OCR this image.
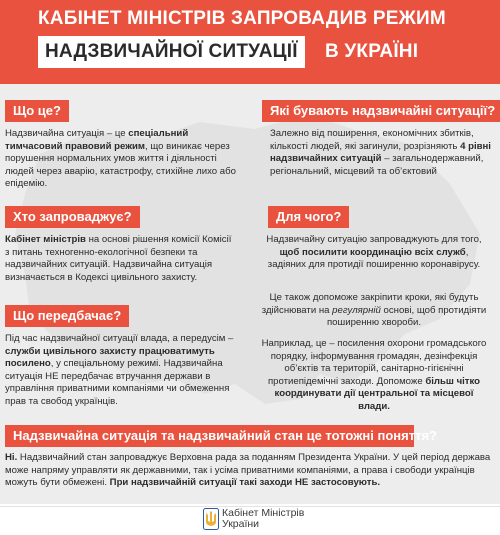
КАБІНЕТ МІНІСТРІВ ЗАПРОВАДИВ РЕЖИМ
НАДЗВИЧАЙНОЇ СИТУАЦІЇ	В УКРАЇНІ
Що це?
Надзвичайна ситуація – це спеціальний тимчасовий правовий режим, що виникає через порушення нормальних умов життя і діяльності людей через аварію, катастрофу, стихійне лихо або епідемію.
Які бувають надзвичайні ситуації?
Залежно від поширення, економічних збитків, кількості людей, які загинули, розрізняють 4 рівні надзвичайних ситуацій – загальнодержавний, регіональний, місцевий та об’єктовий
Хто запроваджує?
Кабінет міністрів на основі рішення комісії Комісії з питань техногенно-екологічної безпеки та надзвичайних ситуацій. Надзвичайна ситуація визначається в Кодексі цивільного захисту.
Для чого?
Надзвичайну ситуацію запроваджують для того, щоб посилити координацію всіх служб, задіяних для протидії поширенню коронавірусу.
Це також допоможе закріпити кроки, які будуть здійснювати на регулярній основі, щоб протидіяти поширенню хвороби.
Наприклад, це – посилення охорони громадського порядку, інформування громадян, дезінфекція об’єктів та територій, санітарно-гігієнічні протиепідемічні заходи. Допоможе більш чітко координувати дії центральної та місцевої влади.
Що передбачає?
Під час надзвичайної ситуації влада, а передусім – служби цивільного захисту працюватимуть посилено, у спеціальному режимі. Надзвичайна ситуація НЕ передбачає втручання держави в управління приватними компаніями чи обмеження прав та свобод українців.
Надзвичайна ситуація та надзвичайний стан це тотожні поняття?
Ні. Надзвичайний стан запроваджує Верховна рада за поданням Президента України. У цей період держава може напряму управляти як державними, так і усіма приватними компаніями, а права і свободи українців можуть бути обмежені. При надзвичайній ситуації такі заходи НЕ застосовують.
Кабінет Міністрів
України
